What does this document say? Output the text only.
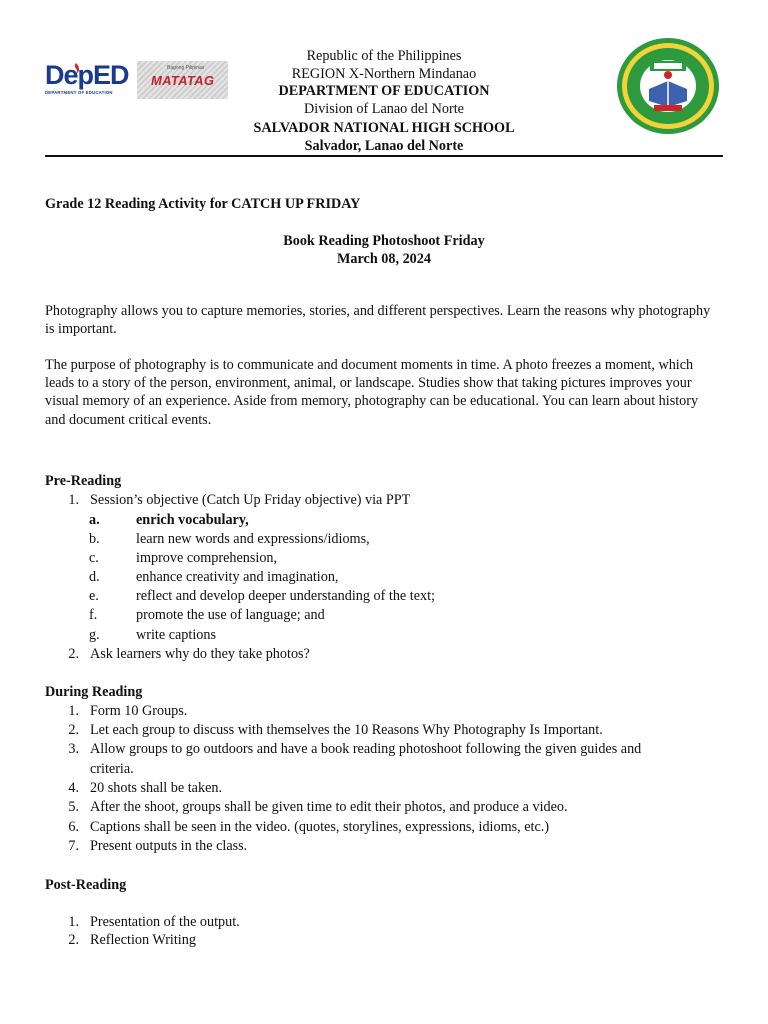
DepED
DEPARTMENT OF EDUCATION
Bagong Pilipinas
MATATAG
Republic of the Philippines
REGION X-Northern Mindanao
DEPARTMENT OF EDUCATION
Division of Lanao del Norte
SALVADOR NATIONAL HIGH SCHOOL
Salvador, Lanao del Norte
Grade 12 Reading Activity for CATCH UP FRIDAY
Book Reading Photoshoot Friday
March 08, 2024
Photography allows you to capture memories, stories, and different perspectives. Learn the reasons why photography is important.
The purpose of photography is to communicate and document moments in time. A photo freezes a moment, which leads to a story of the person, environment, animal, or landscape. Studies show that taking pictures improves your visual memory of an experience. Aside from memory, photography can be educational. You can learn about history and document critical events.
Pre-Reading
1. Session’s objective (Catch Up Friday objective) via PPT
a.	enrich vocabulary,
b.	learn new words and expressions/idioms,
c.	improve comprehension,
d.	enhance creativity and imagination,
e.	reflect and develop deeper understanding of the text;
f.	promote the use of language; and
g.	write captions
2. Ask learners why do they take photos?
During Reading
1. Form 10 Groups.
2. Let each group to discuss with themselves the 10 Reasons Why Photography Is Important.
3. Allow groups to go outdoors and have a book reading photoshoot following the given guides and
criteria.
4. 20 shots shall be taken.
5. After the shoot, groups shall be given time to edit their photos, and produce a video.
6. Captions shall be seen in the video. (quotes, storylines, expressions, idioms, etc.)
7. Present outputs in the class.
Post-Reading
1. Presentation of the output.
2. Reflection Writing
